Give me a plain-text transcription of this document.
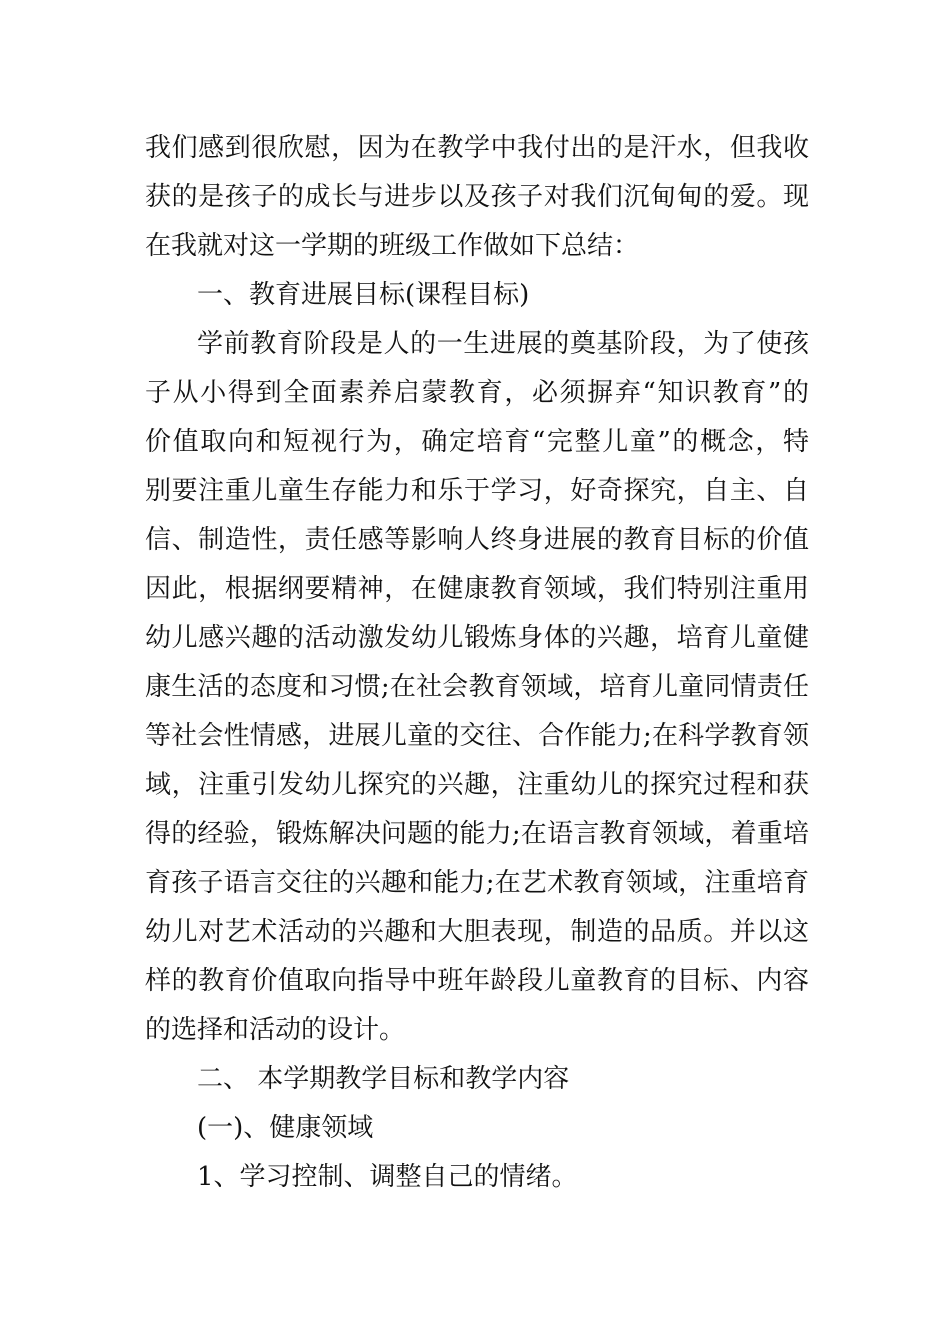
我们感到很欣慰，因为在教学中我付出的是汗水，但我收
获的是孩子的成长与进步以及孩子对我们沉甸甸的爱。现
在我就对这一学期的班级工作做如下总结：
一、教育进展目标(课程目标)
学前教育阶段是人的一生进展的奠基阶段，为了使孩
子从小得到全面素养启蒙教育，必须摒弃“知识教育”的
价值取向和短视行为，确定培育“完整儿童”的概念，特
别要注重儿童生存能力和乐于学习，好奇探究，自主、自
信、制造性，责任感等影响人终身进展的教育目标的价值
因此，根据纲要精神，在健康教育领域，我们特别注重用
幼儿感兴趣的活动激发幼儿锻炼身体的兴趣，培育儿童健
康生活的态度和习惯;在社会教育领域，培育儿童同情责任
等社会性情感，进展儿童的交往、合作能力;在科学教育领
域，注重引发幼儿探究的兴趣，注重幼儿的探究过程和获
得的经验，锻炼解决问题的能力;在语言教育领域，着重培
育孩子语言交往的兴趣和能力;在艺术教育领域，注重培育
幼儿对艺术活动的兴趣和大胆表现，制造的品质。并以这
样的教育价值取向指导中班年龄段儿童教育的目标、内容
的选择和活动的设计。
二、 本学期教学目标和教学内容
(一)、健康领域
1、学习控制、调整自己的情绪。
